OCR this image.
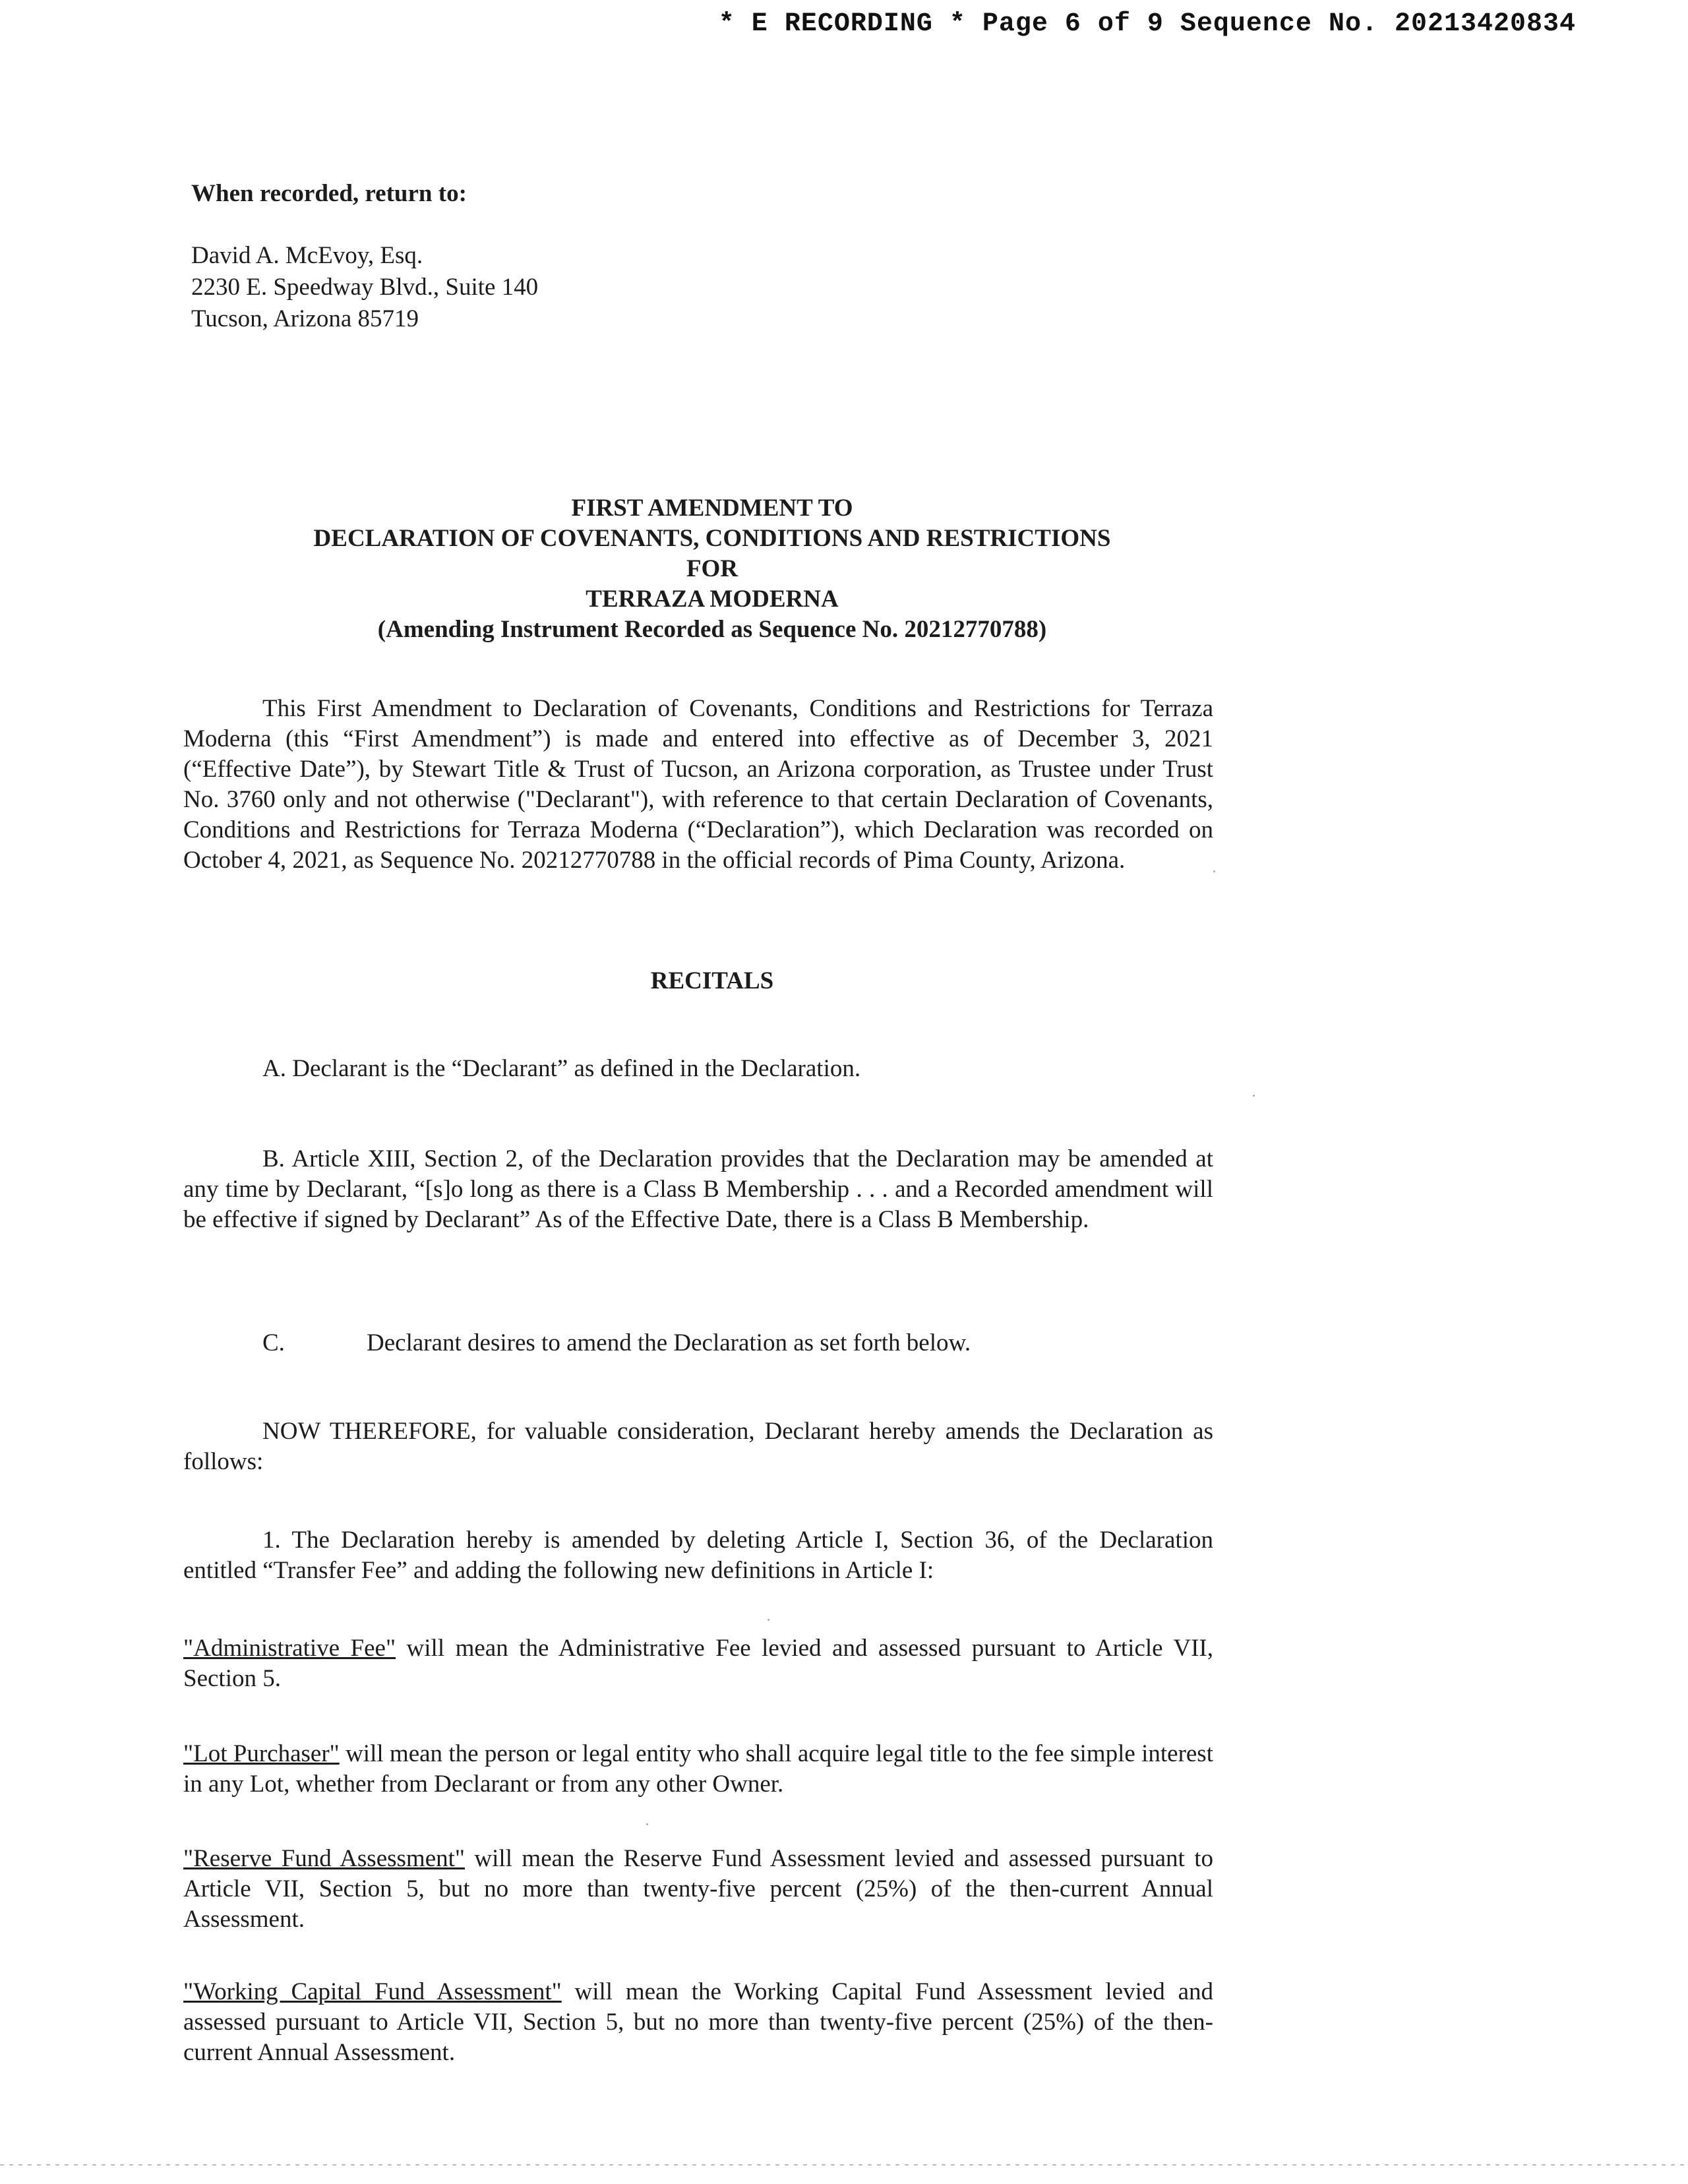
* E RECORDING * Page 6 of 9 Sequence No. 20213420834
When recorded, return to:
David A. McEvoy, Esq.
2230 E. Speedway Blvd., Suite 140
Tucson, Arizona 85719
FIRST AMENDMENT TO
DECLARATION OF COVENANTS, CONDITIONS AND RESTRICTIONS
FOR
TERRAZA MODERNA
(Amending Instrument Recorded as Sequence No. 20212770788)

This First Amendment to Declaration of Covenants, Conditions and Restrictions for Terraza Moderna (this “First Amendment”) is made and entered into effective as of December 3, 2021 (“Effective Date”), by Stewart Title & Trust of Tucson, an Arizona corporation, as Trustee under Trust No. 3760 only and not otherwise ("Declarant"), with reference to that certain Declaration of Covenants, Conditions and Restrictions for Terraza Moderna (“Declaration”), which Declaration was recorded on October 4, 2021, as Sequence No. 20212770788 in the official records of Pima County, Arizona.

RECITALS

A. Declarant is the “Declarant” as defined in the Declaration.

B. Article XIII, Section 2, of the Declaration provides that the Declaration may be amended at any time by Declarant, “[s]o long as there is a Class B Membership . . . and a Recorded amendment will be effective if signed by Declarant” As of the Effective Date, there is a Class B Membership.

C.	Declarant desires to amend the Declaration as set forth below.

NOW THEREFORE, for valuable consideration, Declarant hereby amends the Declaration as follows:

1. The Declaration hereby is amended by deleting Article I, Section 36, of the Declaration entitled “Transfer Fee” and adding the following new definitions in Article I:

"Administrative Fee" will mean the Administrative Fee levied and assessed pursuant to Article VII, Section 5.

"Lot Purchaser" will mean the person or legal entity who shall acquire legal title to the fee simple interest in any Lot, whether from Declarant or from any other Owner.

"Reserve Fund Assessment" will mean the Reserve Fund Assessment levied and assessed pursuant to Article VII, Section 5, but no more than twenty-five percent (25%) of the then-current Annual Assessment.

"Working Capital Fund Assessment" will mean the Working Capital Fund Assessment levied and assessed pursuant to Article VII, Section 5, but no more than twenty-five percent (25%) of the then-current Annual Assessment.
